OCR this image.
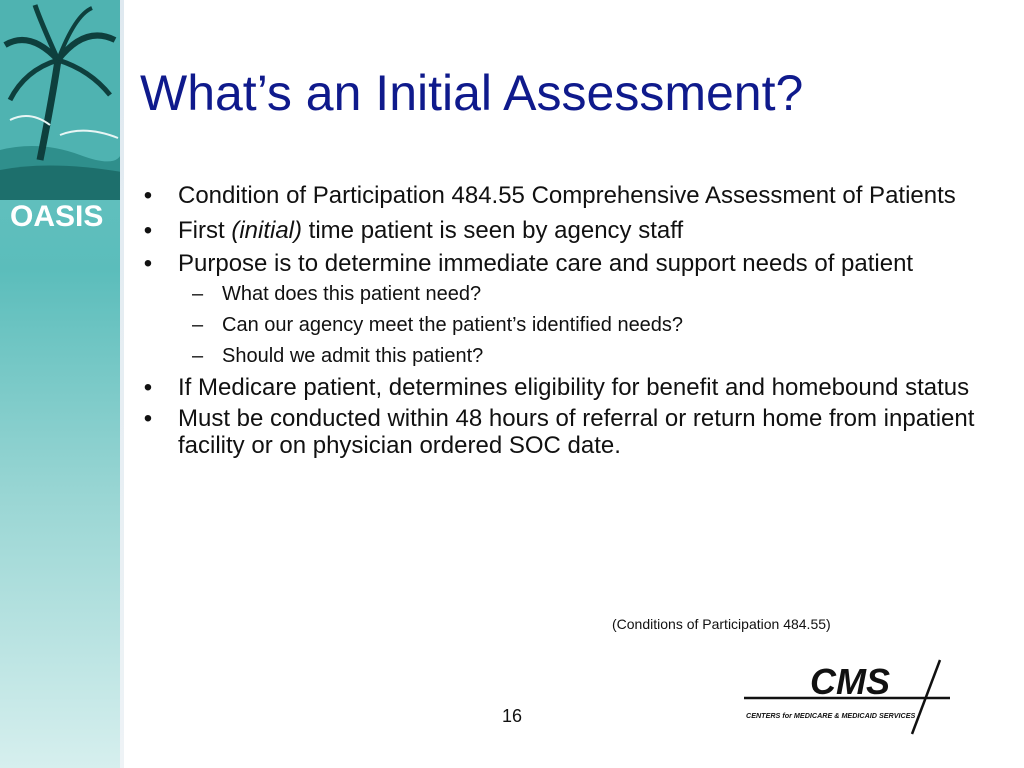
OASIS
What’s an Initial Assessment?
• Condition of Participation 484.55 Comprehensive Assessment of Patients
• First (initial) time patient is seen by agency staff
• Purpose is to determine immediate care and support needs of patient
– What does this patient need?
– Can our agency meet the patient’s identified needs?
– Should we admit this patient?
• If Medicare patient, determines eligibility for benefit and homebound status
• Must be conducted within 48 hours of referral or return home from inpatient facility or on physician ordered SOC date.
(Conditions of Participation 484.55)
16
CMS
CENTERS for MEDICARE & MEDICAID SERVICES
